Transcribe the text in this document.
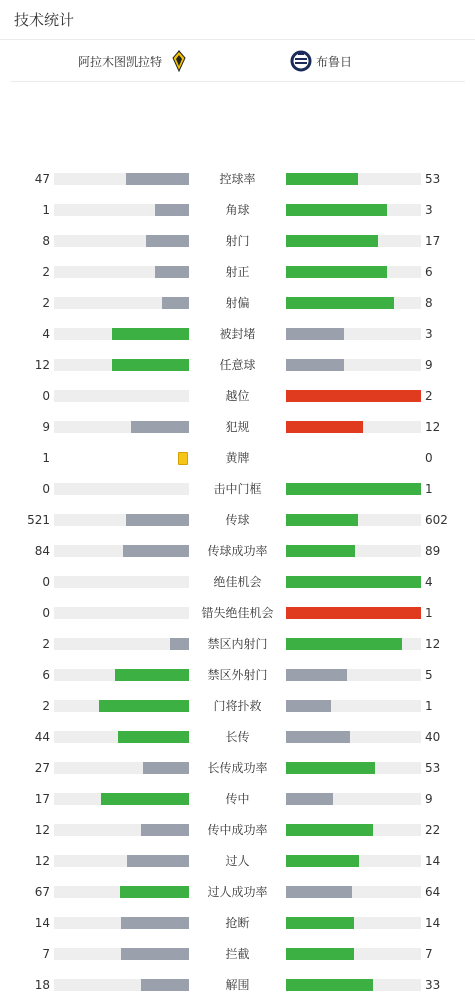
技术统计
阿拉木图凯拉特	布鲁日
47	控球率	53
1	角球	3
8	射门	17
2	射正	6
2	射偏	8
4	被封堵	3
12	任意球	9
0	越位	2
9	犯规	12
1	黄牌	0
0	击中门框	1
521	传球	602
84	传球成功率	89
0	绝佳机会	4
0	错失绝佳机会	1
2	禁区内射门	12
6	禁区外射门	5
2	门将扑救	1
44	长传	40
27	长传成功率	53
17	传中	9
12	传中成功率	22
12	过人	14
67	过人成功率	64
14	抢断	14
7	拦截	7
18	解围	33
